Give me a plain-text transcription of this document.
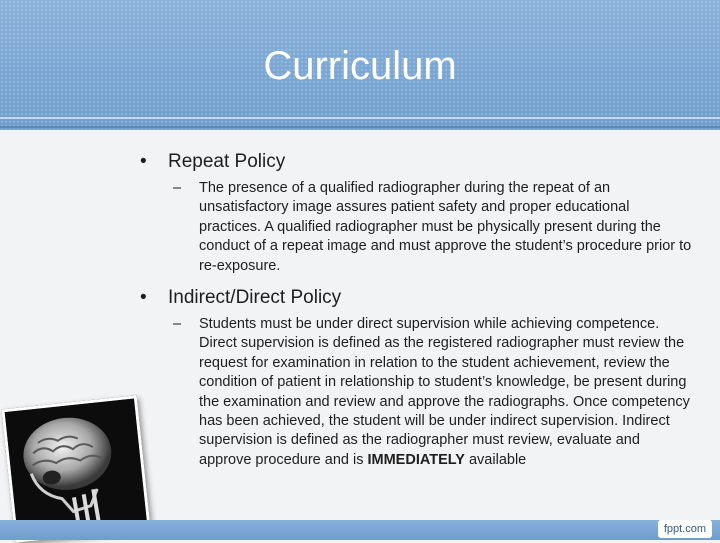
Curriculum
• Repeat Policy
– The presence of a qualified radiographer during the repeat of an unsatisfactory image assures patient safety and proper educational practices. A qualified radiographer must be physically present during the conduct of a repeat image and must approve the student’s procedure prior to re-exposure.
• Indirect/Direct Policy
– Students must be under direct supervision while achieving competence. Direct supervision is defined as the registered radiographer must review the request for examination in relation to the student achievement, review the condition of patient in relationship to student’s knowledge, be present during the examination and review and approve the radiographs. Once competency has been achieved, the student will be under indirect supervision. Indirect supervision is defined as the radiographer must review, evaluate and approve procedure and is IMMEDIATELY available
fppt.com
